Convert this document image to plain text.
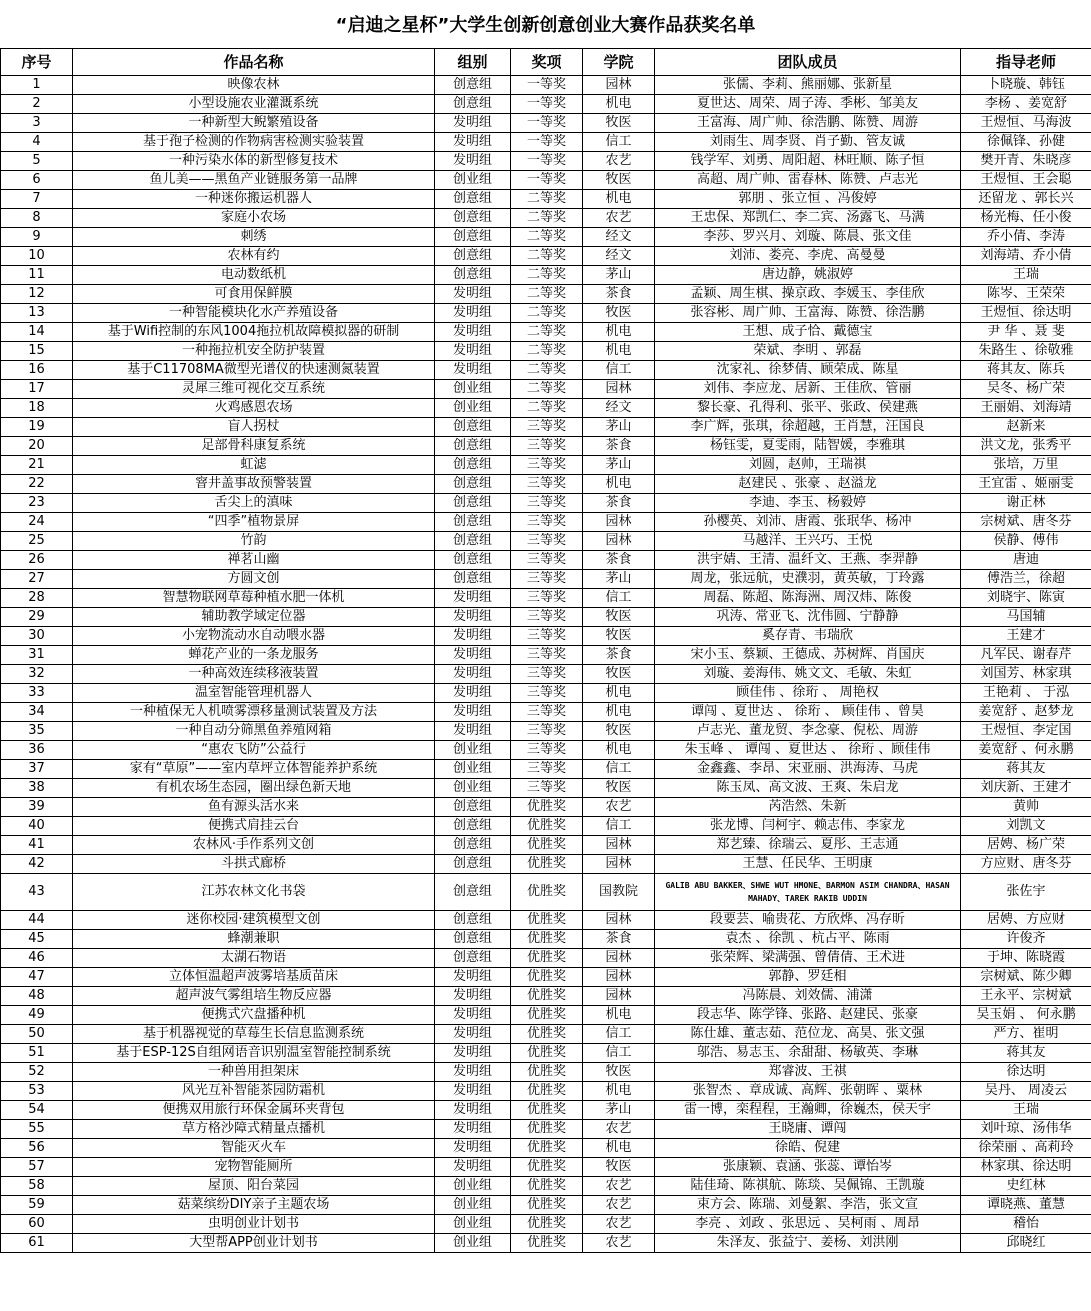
“启迪之星杯”大学生创新创意创业大赛作品获奖名单
序号	作品名称	组别	奖项	学院	团队成员	指导老师
1	映像农林	创意组	一等奖	园林	张儒、李莉、熊丽娜、张新星	卜晓璇、韩钰
2	小型设施农业灌溉系统	创意组	一等奖	机电	夏世达、周荣、周子涛、季彬、邹美友	李杨 、姜宽舒
3	一种新型大鲵繁殖设备	发明组	一等奖	牧医	王富海、周广帅、徐浩鹏、陈赞、周游	王煜恒、马海波
4	基于孢子检测的作物病害检测实验装置	发明组	一等奖	信工	刘雨生、周李贤、肖子勤、管友诚	徐佩锋、孙健
5	一种污染水体的新型修复技术	发明组	一等奖	农艺	钱学军、刘勇、周阳超、林旺顺、陈子恒	樊开青、朱晓彦
6	鱼儿美——黑鱼产业链服务第一品牌	创业组	一等奖	牧医	高超、周广帅、雷春林、陈赞、卢志光	王煜恒、王会聪
7	一种迷你搬运机器人	创意组	二等奖	机电	郭朋 、张立恒 、冯俊婷	还留龙 、郭长兴
8	家庭小农场	创意组	二等奖	农艺	王忠保、郑凯仁、李二宾、汤露飞、马满	杨光梅、任小俊
9	刺绣	创意组	二等奖	经文	李莎、罗兴月、刘璇、陈晨、张文佳	乔小倩、李涛
10	农林有约	创意组	二等奖	经文	刘沛、娄亮、李虎、高曼曼	刘海靖、乔小倩
11	电动数纸机	创意组	二等奖	茅山	唐边静，姚淑婷	王瑞
12	可食用保鲜膜	发明组	二等奖	茶食	孟颖、周生棋、操京政、李媛玉、李佳欣	陈岑、王荣荣
13	一种智能模块化水产养殖设备	发明组	二等奖	牧医	张容彬、周广帅、王富海、陈赞、徐浩鹏	王煜恒、徐达明
14	基于Wifi控制的东风1004拖拉机故障模拟器的研制	发明组	二等奖	机电	王想、成子恰、戴德宝	尹 华 、聂 斐
15	一种拖拉机安全防护装置	发明组	二等奖	机电	荣斌、李明 、郭磊	朱路生 、徐敬雅
16	基于C11708MA微型光谱仪的快速测氮装置	发明组	二等奖	信工	沈家礼、徐梦倩、顾荣成、陈星	蒋其友、陈兵
17	灵犀三维可视化交互系统	创业组	二等奖	园林	刘伟、李应龙、居新、王佳欣、管丽	吴冬、杨广荣
18	火鸡感恩农场	创业组	二等奖	经文	黎长豪、孔得利、张平、张政、侯建燕	王丽娟、刘海靖
19	盲人拐杖	创意组	三等奖	茅山	李广辉，张琪，徐超越，王肖慧，汪国良	赵新来
20	足部骨科康复系统	创意组	三等奖	茶食	杨钰雯，夏雯雨，陆智媛，李雅琪	洪文龙，张秀平
21	虹滤	创意组	三等奖	茅山	刘圆，赵帅，王瑞祺	张培，万里
22	窨井盖事故预警装置	创意组	三等奖	机电	赵建民 、张豪 、赵溢龙	王宜雷 、姬丽雯
23	舌尖上的滇味	创意组	三等奖	茶食	李迪、李玉、杨毅婷	谢正林
24	“四季”植物景屏	创意组	三等奖	园林	孙樱英、刘沛、唐霞、张珉华、杨冲	宗树斌、唐冬芬
25	竹韵	创意组	三等奖	园林	马越洋、王兴巧、王悦	侯静、傅伟
26	禅茗山幽	创意组	三等奖	茶食	洪宇婧、王清、温纤文、王燕、李羿静	唐迪
27	方圆文创	创意组	三等奖	茅山	周龙，张远航，史濮羽，黄英敏，丁玲露	傅浩兰，徐超
28	智慧物联网草莓种植水肥一体机	发明组	三等奖	信工	周磊、陈超、陈海洲、周汉炜、陈俊	刘晓宇、陈寅
29	辅助教学域定位器	发明组	三等奖	牧医	巩涛、常亚飞、沈伟圆、宁静静	马国辅
30	小宠物流动水自动喂水器	发明组	三等奖	牧医	奚存青、韦瑞欣	王建才
31	蝉花产业的一条龙服务	发明组	三等奖	茶食	宋小玉、蔡颖、王德成、苏树辉、肖国庆	凡军民、谢春芹
32	一种高效连续移液装置	发明组	三等奖	牧医	刘璇、姜海伟、姚文文、毛敏、朱虹	刘国芳、林家琪
33	温室智能管理机器人	发明组	三等奖	机电	顾佳伟 、徐珩 、 周艳权	王艳莉 、 于泓
34	一种植保无人机喷雾漂移量测试装置及方法	发明组	三等奖	机电	谭闯 、夏世达 、 徐珩 、 顾佳伟 、曾昊	姜宽舒 、赵梦龙
35	一种自动分筛黑鱼养殖网箱	发明组	三等奖	牧医	卢志光、董龙贸、李念豪、倪松、周游	王煜恒、李定国
36	“惠农飞防”公益行	创业组	三等奖	机电	朱玉峰 、 谭闯 、夏世达 、 徐珩 、顾佳伟	姜宽舒 、何永鹏
37	家有“草原”——室内草坪立体智能养护系统	创业组	三等奖	信工	金鑫鑫、李昂、宋亚丽、洪海涛、马虎	蒋其友
38	有机农场生态园，圈出绿色新天地	创业组	三等奖	牧医	陈玉凤、高文波、王爽、朱启龙	刘庆新、王建才
39	鱼有源头活水来	创意组	优胜奖	农艺	芮浩然、朱新	黄帅
40	便携式肩挂云台	创意组	优胜奖	信工	张龙博、闫柯宇、赖志伟、李家龙	刘凯文
41	农林风·手作系列文创	创意组	优胜奖	园林	郑艺臻、徐瑞云、夏彤、王志通	居娉、杨广荣
42	斗拱式廊桥	创意组	优胜奖	园林	王慧、任民华、王明康	方应财、唐冬芬
43	江苏农林文化书袋	创意组	优胜奖	国教院	GALIB ABU BAKKER、SHWE WUT HMONE、BARMON ASIM CHANDRA、HASAN MAHADY、TAREK RAKIB UDDIN	张佐宇
44	迷你校园·建筑模型文创	创意组	优胜奖	园林	段要芸、喻贵花、方欣烨、冯存昕	居娉、方应财
45	蜂潮兼职	创意组	优胜奖	茶食	袁杰 、徐凯 、杭占平、陈雨	许俊齐
46	太湖石物语	创意组	优胜奖	园林	张荣辉、梁满强、曾倩倩、王术进	于坤、陈晓霞
47	立体恒温超声波雾培基质苗床	发明组	优胜奖	园林	郭静、罗廷相	宗树斌、陈少卿
48	超声波气雾组培生物反应器	发明组	优胜奖	园林	冯陈晨、刘效儒、浦潇	王永平、宗树斌
49	便携式穴盘播种机	发明组	优胜奖	机电	段志华、陈学锋、张路、赵建民、张豪	吴玉娟 、 何永鹏
50	基于机器视觉的草莓生长信息监测系统	发明组	优胜奖	信工	陈仕雄、董志茹、范位龙、高昊、张文强	严方、崔明
51	基于ESP-12S自组网语音识别温室智能控制系统	发明组	优胜奖	信工	邬浩、易志玉、余甜甜、杨敏英、李琳	蒋其友
52	一种兽用担架床	发明组	优胜奖	牧医	郑睿波、王祺	徐达明
53	风光互补智能茶园防霜机	发明组	优胜奖	机电	张智杰 、章成诚、高辉、张朝晖 、粟林	吴丹、 周凌云
54	便携双用旅行环保金属环夹背包	发明组	优胜奖	茅山	雷一博，栾程程，王瀚卿，徐巍杰，侯天宇	王瑞
55	草方格沙障式精量点播机	发明组	优胜奖	农艺	王晓庸、谭闯	刘叶琼、汤伟华
56	智能灭火车	发明组	优胜奖	机电	徐皓、倪建	徐荣丽 、高莉玲
57	宠物智能厕所	发明组	优胜奖	牧医	张康颖、袁涵、张蕊、谭怡岑	林家琪、徐达明
58	屋顶、阳台菜园	创业组	优胜奖	农艺	陆佳琦、陈祺航、陈琰、吴佩锦、王凯璇	史红林
59	菇菜缤纷DIY亲子主题农场	创业组	优胜奖	农艺	束方会、陈瑞、刘曼絮、李浩，张文宣	谭晓燕、董慧
60	虫明创业计划书	创业组	优胜奖	农艺	李亮 、刘政 、张思远 、吴柯雨 、周昂	稽怡
61	大型帮APP创业计划书	创业组	优胜奖	农艺	朱泽友、张益宁、姜杨、刘洪刚	邱晓红
